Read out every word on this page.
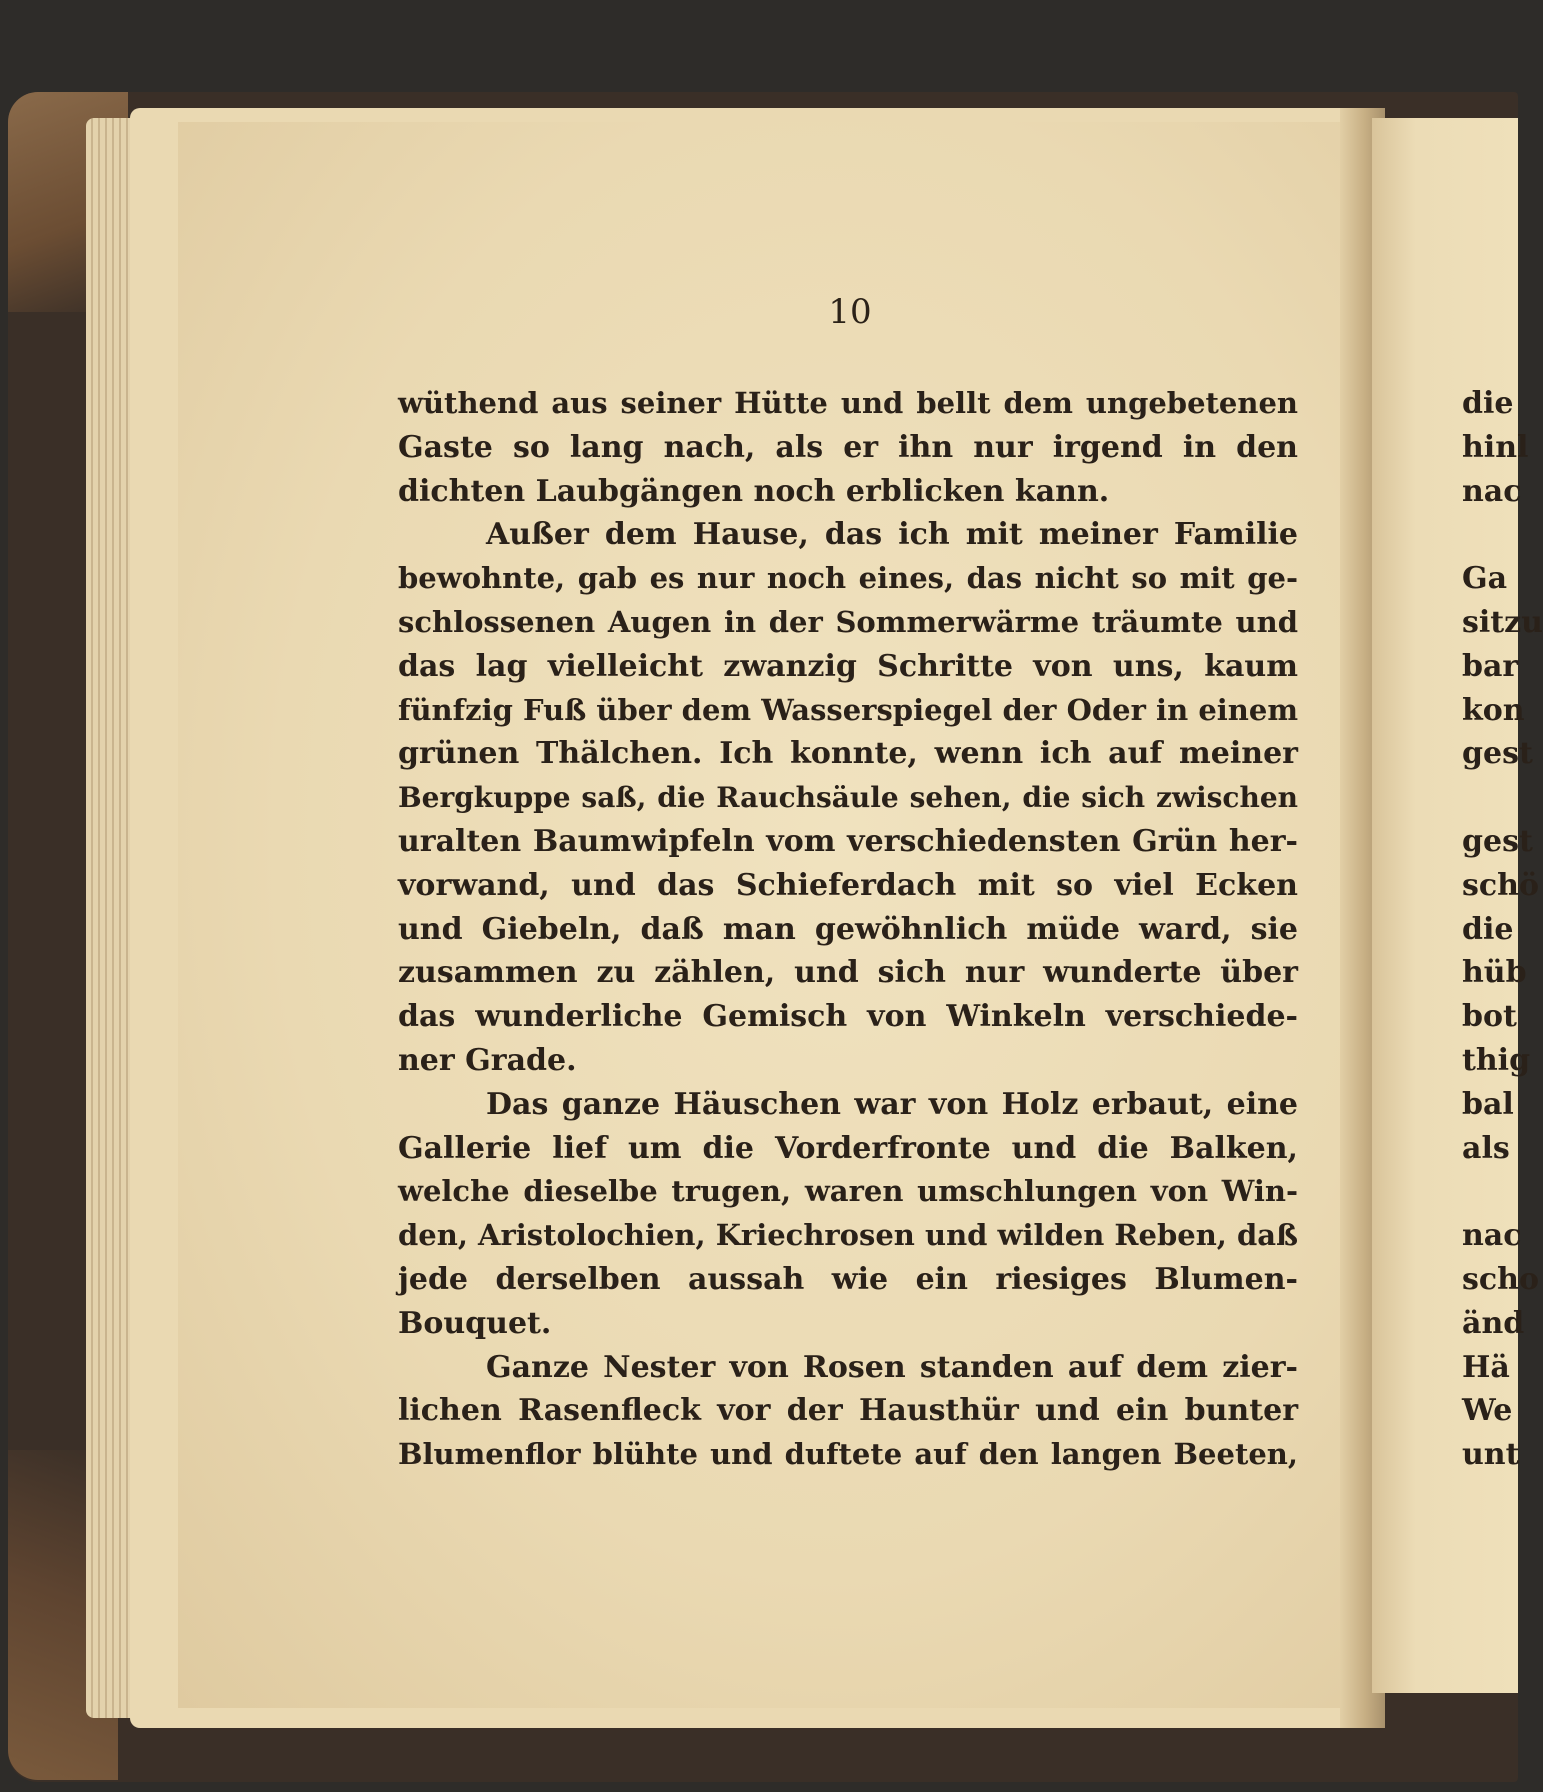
10
wüthend aus seiner Hütte und bellt dem ungebetenen
Gaste so lang nach, als er ihn nur irgend in den
dichten Laubgängen noch erblicken kann.
Außer dem Hause, das ich mit meiner Familie
bewohnte, gab es nur noch eines, das nicht so mit ge-
schlossenen Augen in der Sommerwärme träumte und
das lag vielleicht zwanzig Schritte von uns, kaum
fünfzig Fuß über dem Wasserspiegel der Oder in einem
grünen Thälchen. Ich konnte, wenn ich auf meiner
Bergkuppe saß, die Rauchsäule sehen, die sich zwischen
uralten Baumwipfeln vom verschiedensten Grün her-
vorwand, und das Schieferdach mit so viel Ecken
und Giebeln, daß man gewöhnlich müde ward, sie
zusammen zu zählen, und sich nur wunderte über
das wunderliche Gemisch von Winkeln verschiede-
ner Grade.
Das ganze Häuschen war von Holz erbaut, eine
Gallerie lief um die Vorderfronte und die Balken,
welche dieselbe trugen, waren umschlungen von Win-
den, Aristolochien, Kriechrosen und wilden Reben, daß
jede derselben aussah wie ein riesiges Blumen-
Bouquet.
Ganze Nester von Rosen standen auf dem zier-
lichen Rasenfleck vor der Hausthür und ein bunter
Blumenflor blühte und duftete auf den langen Beeten,
die
hinl
nac
Ga
sitzu
bar
kon
gest
gest
schö
die
hüb
bot
thig
bal
als
nac
scho
änd
Hä
We
unt
